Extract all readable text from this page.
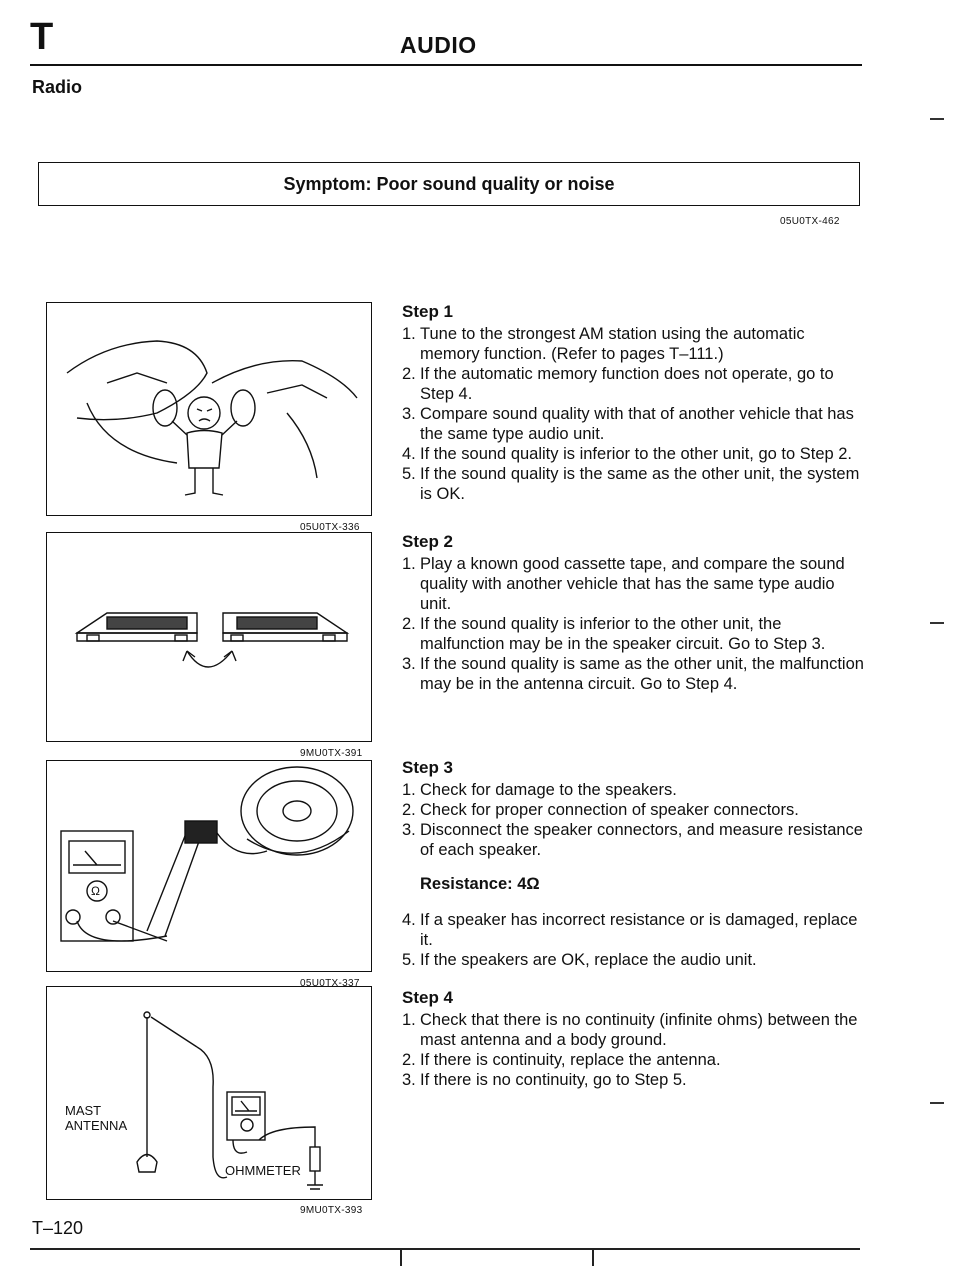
T	AUDIO
Radio
Symptom: Poor sound quality or noise
05U0TX-462
05U0TX-336
9MU0TX-391
Ω
05U0TX-337
MAST
ANTENNA
OHMMETER
9MU0TX-393
Step 1
1. Tune to the strongest AM station using the automatic memory function. (Refer to pages T–111.)
2. If the automatic memory function does not operate, go to Step 4.
3. Compare sound quality with that of another vehicle that has the same type audio unit.
4. If the sound quality is inferior to the other unit, go to Step 2.
5. If the sound quality is the same as the other unit, the system is OK.
Step 2
1. Play a known good cassette tape, and compare the sound quality with another vehicle that has the same type audio unit.
2. If the sound quality is inferior to the other unit, the malfunction may be in the speaker circuit. Go to Step 3.
3. If the sound quality is same as the other unit, the malfunction may be in the antenna circuit. Go to Step 4.
Step 3
1. Check for damage to the speakers.
2. Check for proper connection of speaker connectors.
3. Disconnect the speaker connectors, and measure resistance of each speaker.
Resistance: 4Ω
4. If a speaker has incorrect resistance or is damaged, replace it.
5. If the speakers are OK, replace the audio unit.
Step 4
1. Check that there is no continuity (infinite ohms) between the mast antenna and a body ground.
2. If there is continuity, replace the antenna.
3. If there is no continuity, go to Step 5.
T–120
